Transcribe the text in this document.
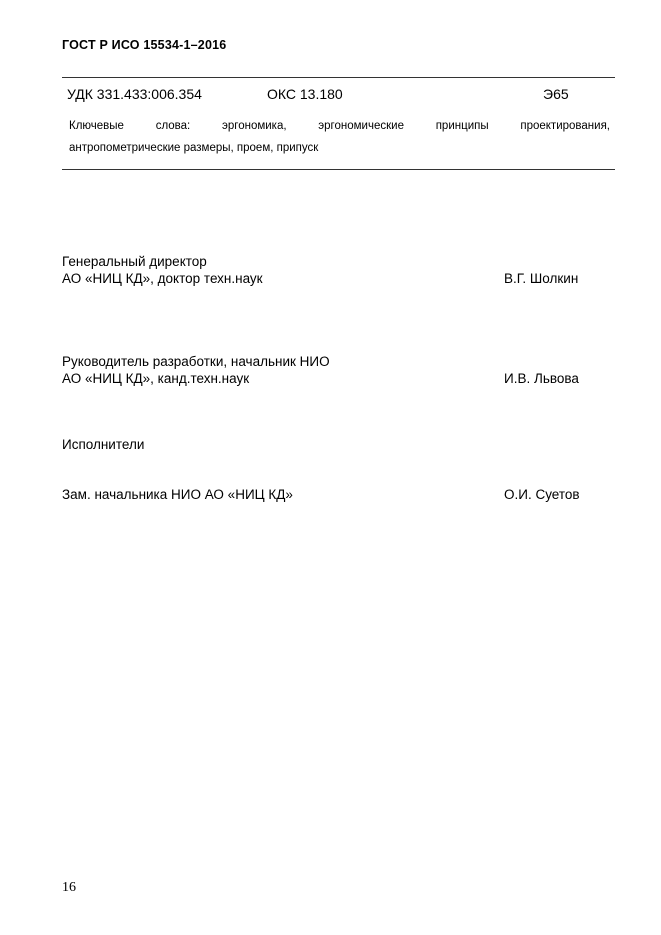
ГОСТ Р ИСО 15534-1–2016
УДК 331.433:006.354	ОКС 13.180	Э65
Ключевые слова: эргономика, эргономические принципы проектирования,
антропометрические размеры, проем, припуск
Генеральный директор
АО «НИЦ КД», доктор техн.наук	В.Г. Шолкин
Руководитель разработки, начальник НИО
АО «НИЦ КД», канд.техн.наук	И.В. Львова
Исполнители
Зам. начальника НИО АО «НИЦ КД»	О.И. Суетов
16
